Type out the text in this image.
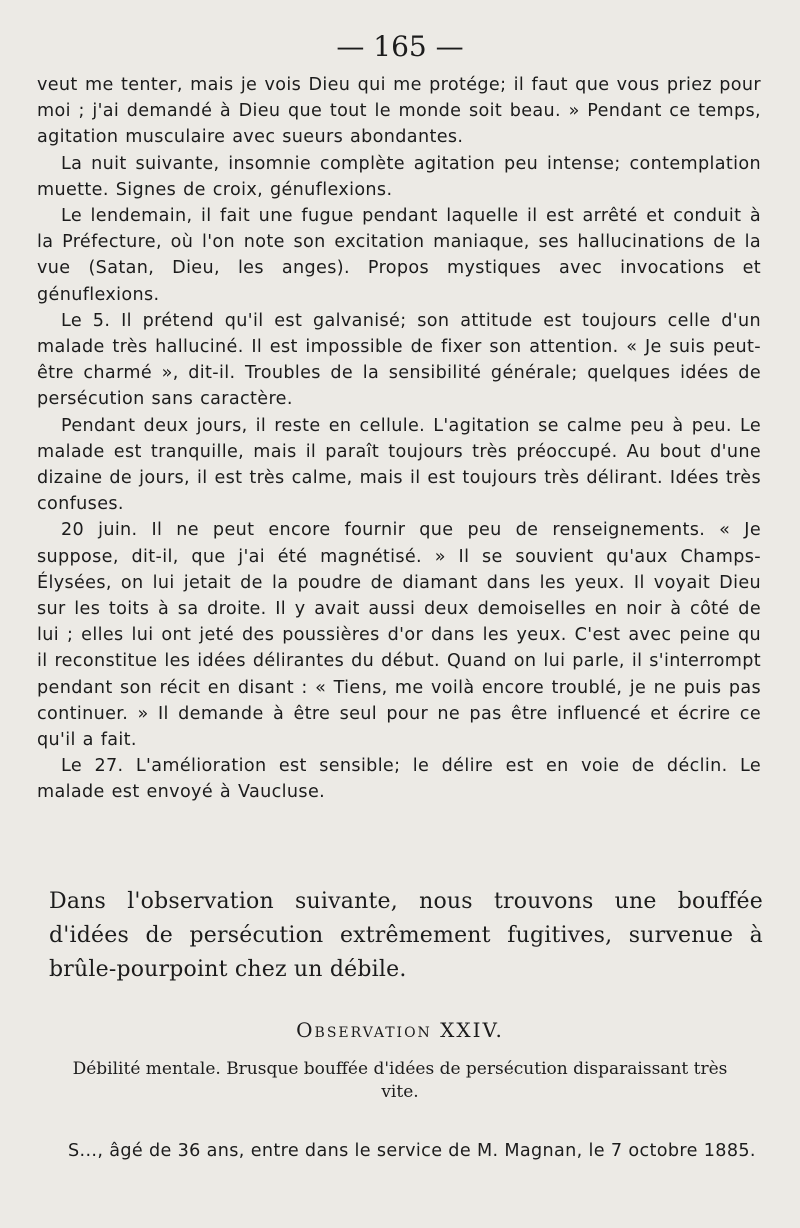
— 165 —

veut me tenter, mais je vois Dieu qui me protége; il faut que vous priez pour moi ; j'ai demandé à Dieu que tout le monde soit beau. » Pendant ce temps, agitation musculaire avec sueurs abondantes.

La nuit suivante, insomnie complète agitation peu intense; contemplation muette. Signes de croix, génuflexions.

Le lendemain, il fait une fugue pendant laquelle il est arrêté et conduit à la Préfecture, où l'on note son excitation maniaque, ses hallucinations de la vue (Satan, Dieu, les anges). Propos mystiques avec invocations et génuflexions.

Le 5. Il prétend qu'il est galvanisé; son attitude est toujours celle d'un malade très halluciné. Il est impossible de fixer son attention. « Je suis peut-être charmé », dit-il. Troubles de la sensibilité générale; quelques idées de persécution sans caractère.

Pendant deux jours, il reste en cellule. L'agitation se calme peu à peu. Le malade est tranquille, mais il paraît toujours très préoccupé. Au bout d'une dizaine de jours, il est très calme, mais il est toujours très délirant. Idées très confuses.

20 juin. Il ne peut encore fournir que peu de renseignements. « Je suppose, dit-il, que j'ai été magnétisé. » Il se souvient qu'aux Champs-Élysées, on lui jetait de la poudre de diamant dans les yeux. Il voyait Dieu sur les toits à sa droite. Il y avait aussi deux demoiselles en noir à côté de lui ; elles lui ont jeté des poussières d'or dans les yeux. C'est avec peine qu il reconstitue les idées délirantes du début. Quand on lui parle, il s'interrompt pendant son récit en disant : « Tiens, me voilà encore troublé, je ne puis pas continuer. » Il demande à être seul pour ne pas être influencé et écrire ce qu'il a fait.

Le 27. L'amélioration est sensible; le délire est en voie de déclin. Le malade est envoyé à Vaucluse.

Dans l'observation suivante, nous trouvons une bouffée d'idées de persécution extrêmement fugitives, survenue à brûle-pourpoint chez un débile.

Observation XXIV.
Débilité mentale. Brusque bouffée d'idées de persécution disparaissant très vite.

S..., âgé de 36 ans, entre dans le service de M. Magnan, le 7 octobre 1885.
